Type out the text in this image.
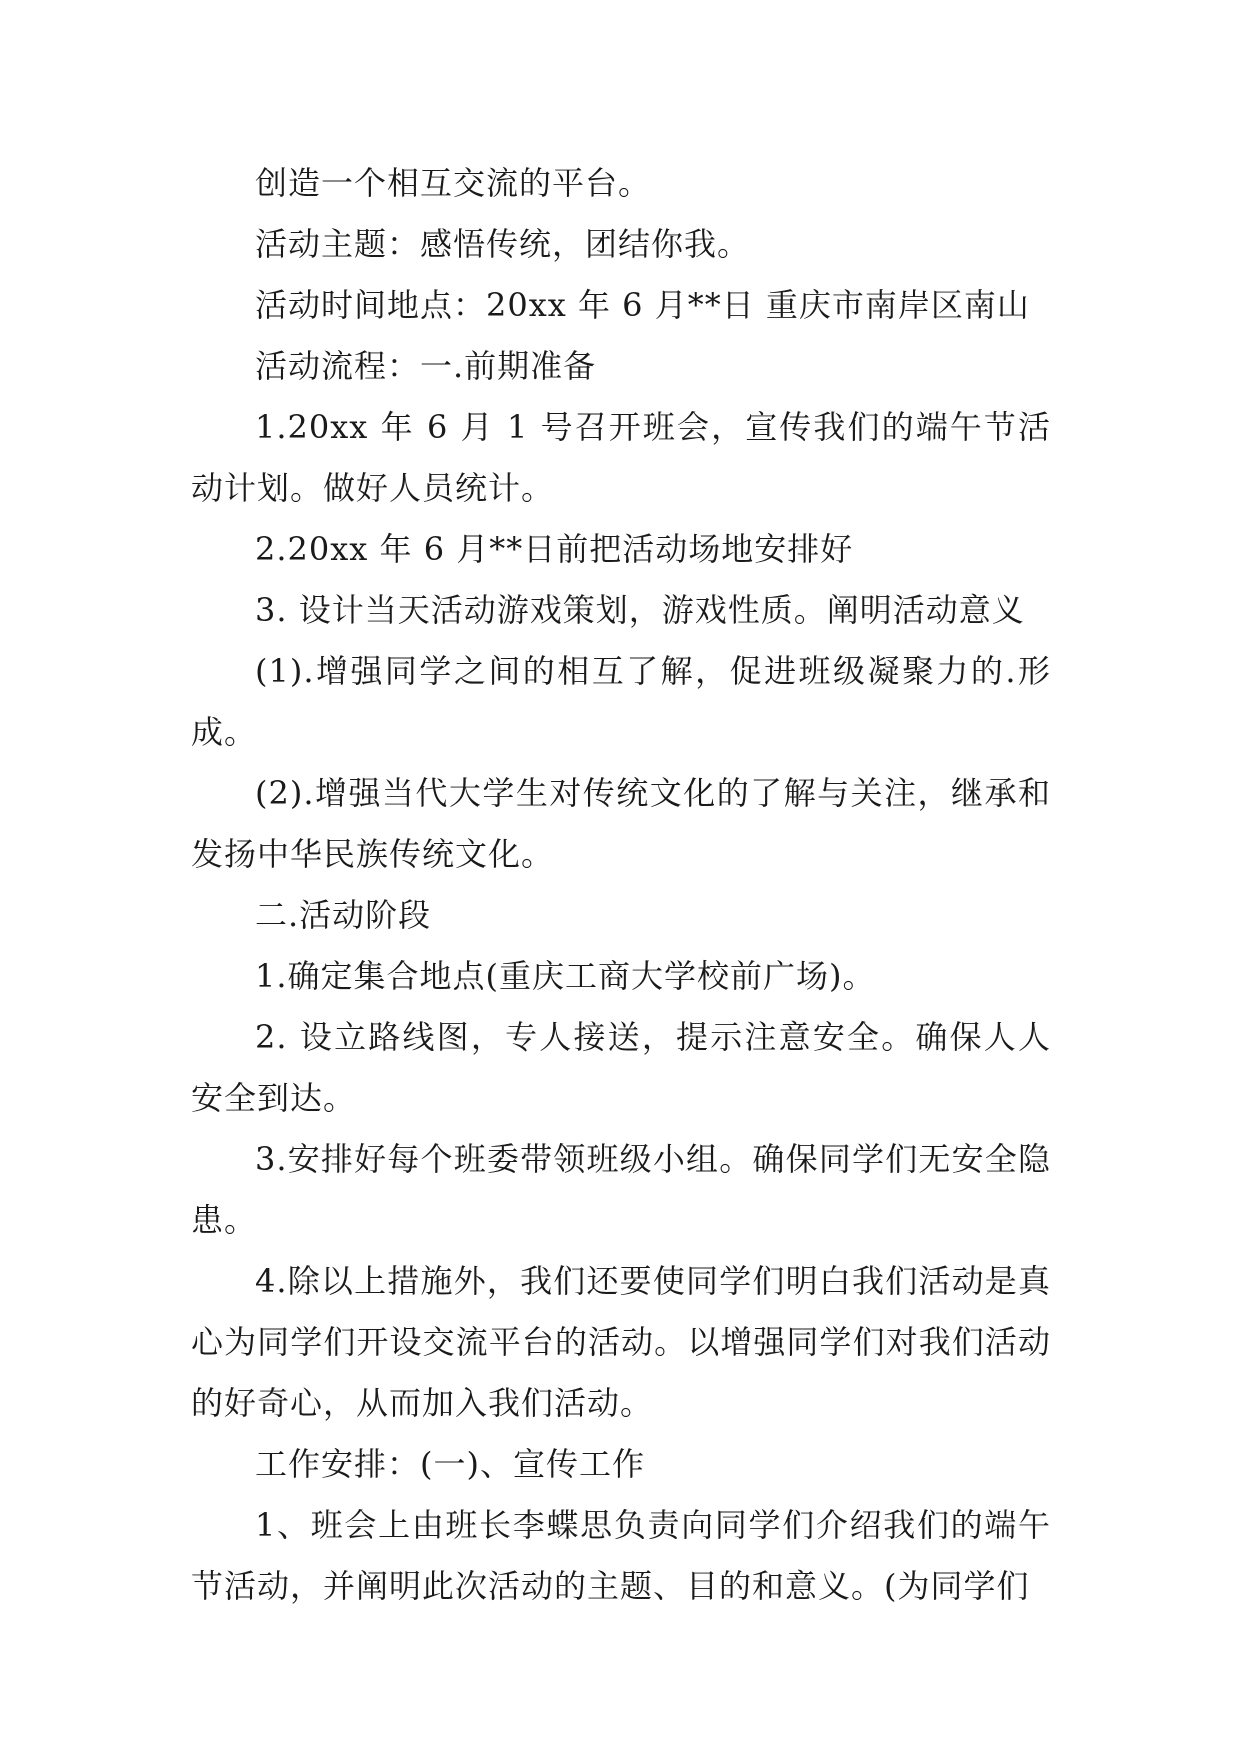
创造一个相互交流的平台。

活动主题：感悟传统，团结你我。

活动时间地点：20xx 年 6 月**日 重庆市南岸区南山

活动流程：一.前期准备

1.20xx 年 6 月 1 号召开班会，宣传我们的端午节活动计划。做好人员统计。

2.20xx 年 6 月**日前把活动场地安排好

3. 设计当天活动游戏策划，游戏性质。阐明活动意义

(1).增强同学之间的相互了解，促进班级凝聚力的.形成。

(2).增强当代大学生对传统文化的了解与关注，继承和发扬中华民族传统文化。

二.活动阶段

1.确定集合地点(重庆工商大学校前广场)。

2. 设立路线图，专人接送，提示注意安全。确保人人安全到达。

3.安排好每个班委带领班级小组。确保同学们无安全隐患。

4.除以上措施外，我们还要使同学们明白我们活动是真心为同学们开设交流平台的活动。以增强同学们对我们活动的好奇心，从而加入我们活动。

工作安排：(一)、宣传工作

1、班会上由班长李蝶思负责向同学们介绍我们的端午节活动，并阐明此次活动的主题、目的和意义。(为同学们
